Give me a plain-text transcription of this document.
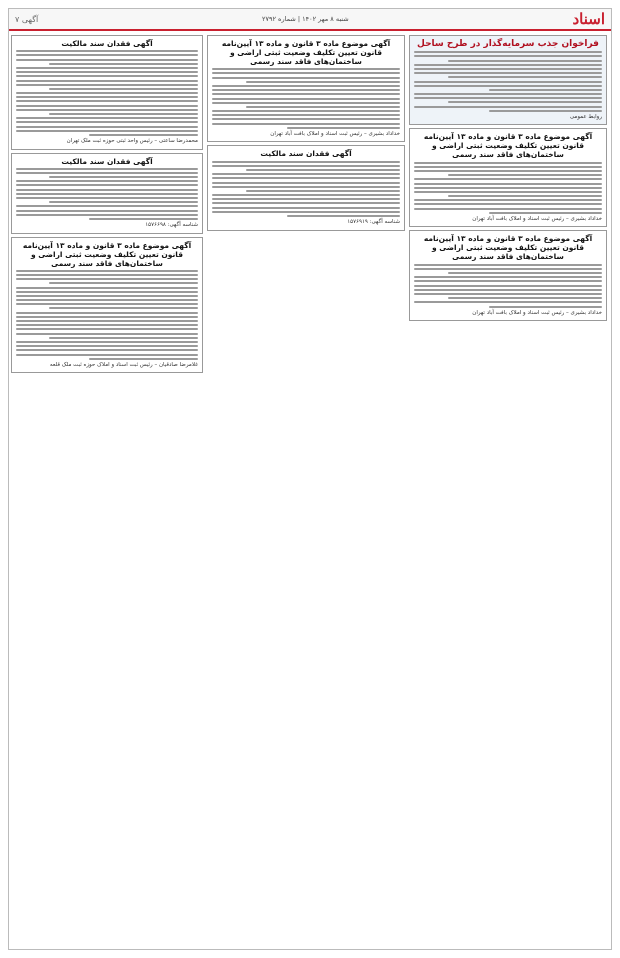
اسناد
شنبه ۸ مهر ۱۴۰۲ | شماره ۲۷۹۲
آگهی ۷
فراخوان جذب سرمایه‌گذار در طرح ساحل
روابط عمومی
آگهی موضوع ماده ۳ قانون و ماده ۱۳ آیین‌نامه قانون تعیین تکلیف وضعیت ثبتی اراضی و ساختمان‌های فاقد سند رسمی
خداداد بشیری – رئیس ثبت اسناد و املاک بافت آباد تهران
آگهی موضوع ماده ۳ قانون و ماده ۱۳ آیین‌نامه قانون تعیین تکلیف وضعیت ثبتی اراضی و ساختمان‌های فاقد سند رسمی
خداداد بشیری – رئیس ثبت اسناد و املاک بافت آباد تهران
آگهی موضوع ماده ۳ قانون و ماده ۱۳ آیین‌نامه قانون تعیین تکلیف وضعیت ثبتی اراضی و ساختمان‌های فاقد سند رسمی
خداداد بشیری – رئیس ثبت اسناد و املاک بافت آباد تهران
آگهی فقدان سند مالکیت
شناسه آگهی: ۱۵۷۶۹۱۹
آگهی فقدان سند مالکیت
محمدرضا ساعتی – رئیس واحد ثبتی حوزه ثبت ملک تهران
آگهی فقدان سند مالکیت
شناسه آگهی: ۱۵۷۶۶۹۸
آگهی موضوع ماده ۳ قانون و ماده ۱۳ آیین‌نامه قانون تعیین تکلیف وضعیت ثبتی اراضی و ساختمان‌های فاقد سند رسمی
غلامرضا صادقیان – رئیس ثبت اسناد و املاک حوزه ثبت ملک قلعه
